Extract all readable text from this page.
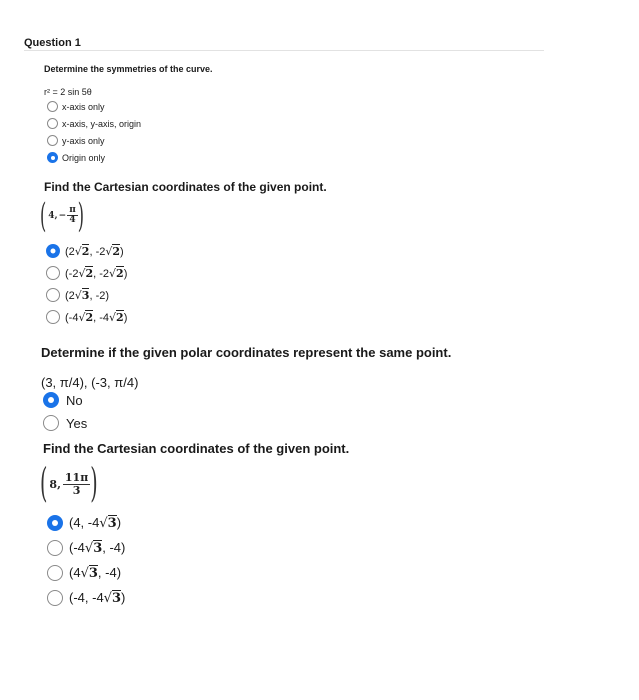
Question 1
Determine the symmetries of the curve.
r² = 2 sin 5θ
x-axis only
x-axis, y-axis, origin
y-axis only
Origin only
Find the Cartesian coordinates of the given point.
( 4, − $\frac{\pi}{4}$ )
(2√2, -2√2)
(-2√2, -2√2)
(2√3, -2)
(-4√2, -4√2)
Determine if the given polar coordinates represent the same point.
(3, π/4), (-3, π/4)
No
Yes
Find the Cartesian coordinates of the given point.
( 8, $\frac{11\pi}{3}$ )
(4, -4√3)
(-4√3, -4)
(4√3, -4)
(-4, -4√3)
